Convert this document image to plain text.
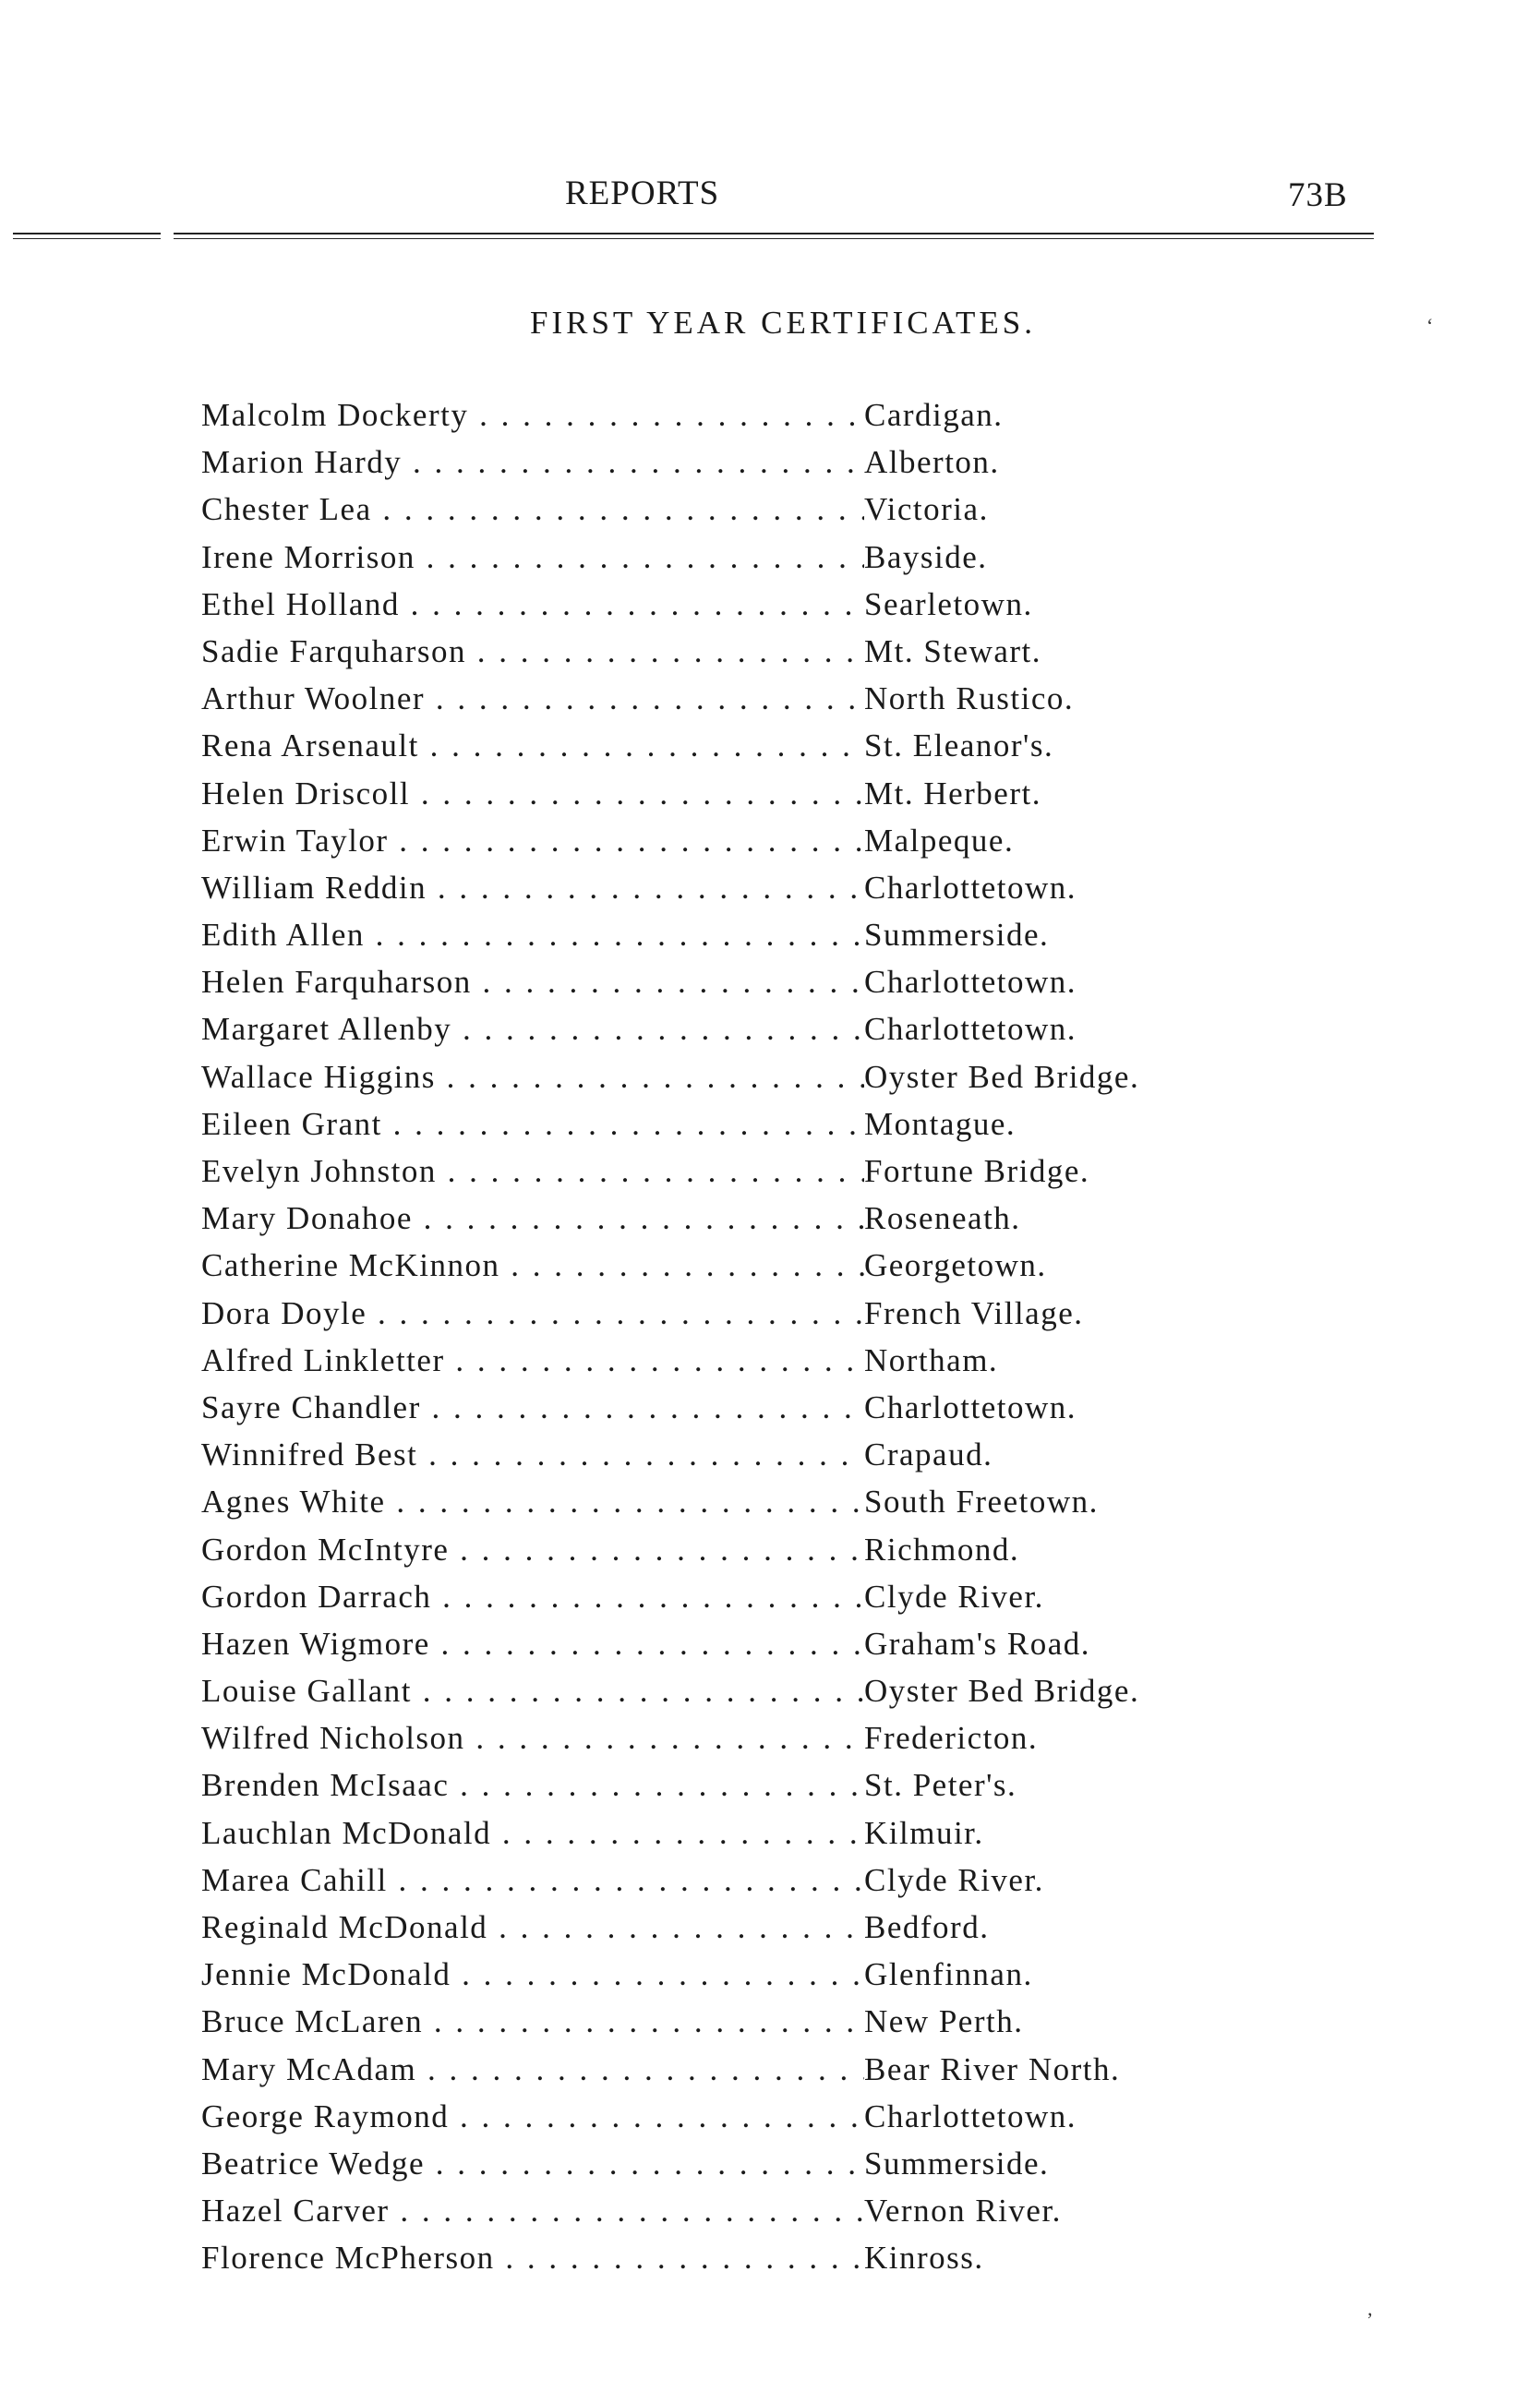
REPORTS	73B
FIRST YEAR CERTIFICATES.
Malcolm Dockerty . . .	Cardigan.
Marion Hardy . . .	Alberton.
Chester Lea . . .	Victoria.
Irene Morrison . . .	Bayside.
Ethel Holland . . .	Searletown.
Sadie Farquharson . . .	Mt. Stewart.
Arthur Woolner . . .	North Rustico.
Rena Arsenault . . .	St. Eleanor's.
Helen Driscoll . . .	Mt. Herbert.
Erwin Taylor . . .	Malpeque.
William Reddin . . .	Charlottetown.
Edith Allen . . .	Summerside.
Helen Farquharson . . .	Charlottetown.
Margaret Allenby . . .	Charlottetown.
Wallace Higgins . . .	Oyster Bed Bridge.
Eileen Grant . . .	Montague.
Evelyn Johnston . . .	Fortune Bridge.
Mary Donahoe . . .	Roseneath.
Catherine McKinnon . . .	Georgetown.
Dora Doyle . . .	French Village.
Alfred Linkletter . . .	Northam.
Sayre Chandler . . .	Charlottetown.
Winnifred Best . . .	Crapaud.
Agnes White . . .	South Freetown.
Gordon McIntyre . . .	Richmond.
Gordon Darrach . . .	Clyde River.
Hazen Wigmore . . .	Graham's Road.
Louise Gallant . . .	Oyster Bed Bridge.
Wilfred Nicholson . . .	Fredericton.
Brenden McIsaac . . .	St. Peter's.
Lauchlan McDonald . . .	Kilmuir.
Marea Cahill . . .	Clyde River.
Reginald McDonald . . .	Bedford.
Jennie McDonald . . .	Glenfinnan.
Bruce McLaren . . .	New Perth.
Mary McAdam . . .	Bear River North.
George Raymond . . .	Charlottetown.
Beatrice Wedge . . .	Summerside.
Hazel Carver . . .	Vernon River.
Florence McPherson . . .	Kinross.
‘
’
